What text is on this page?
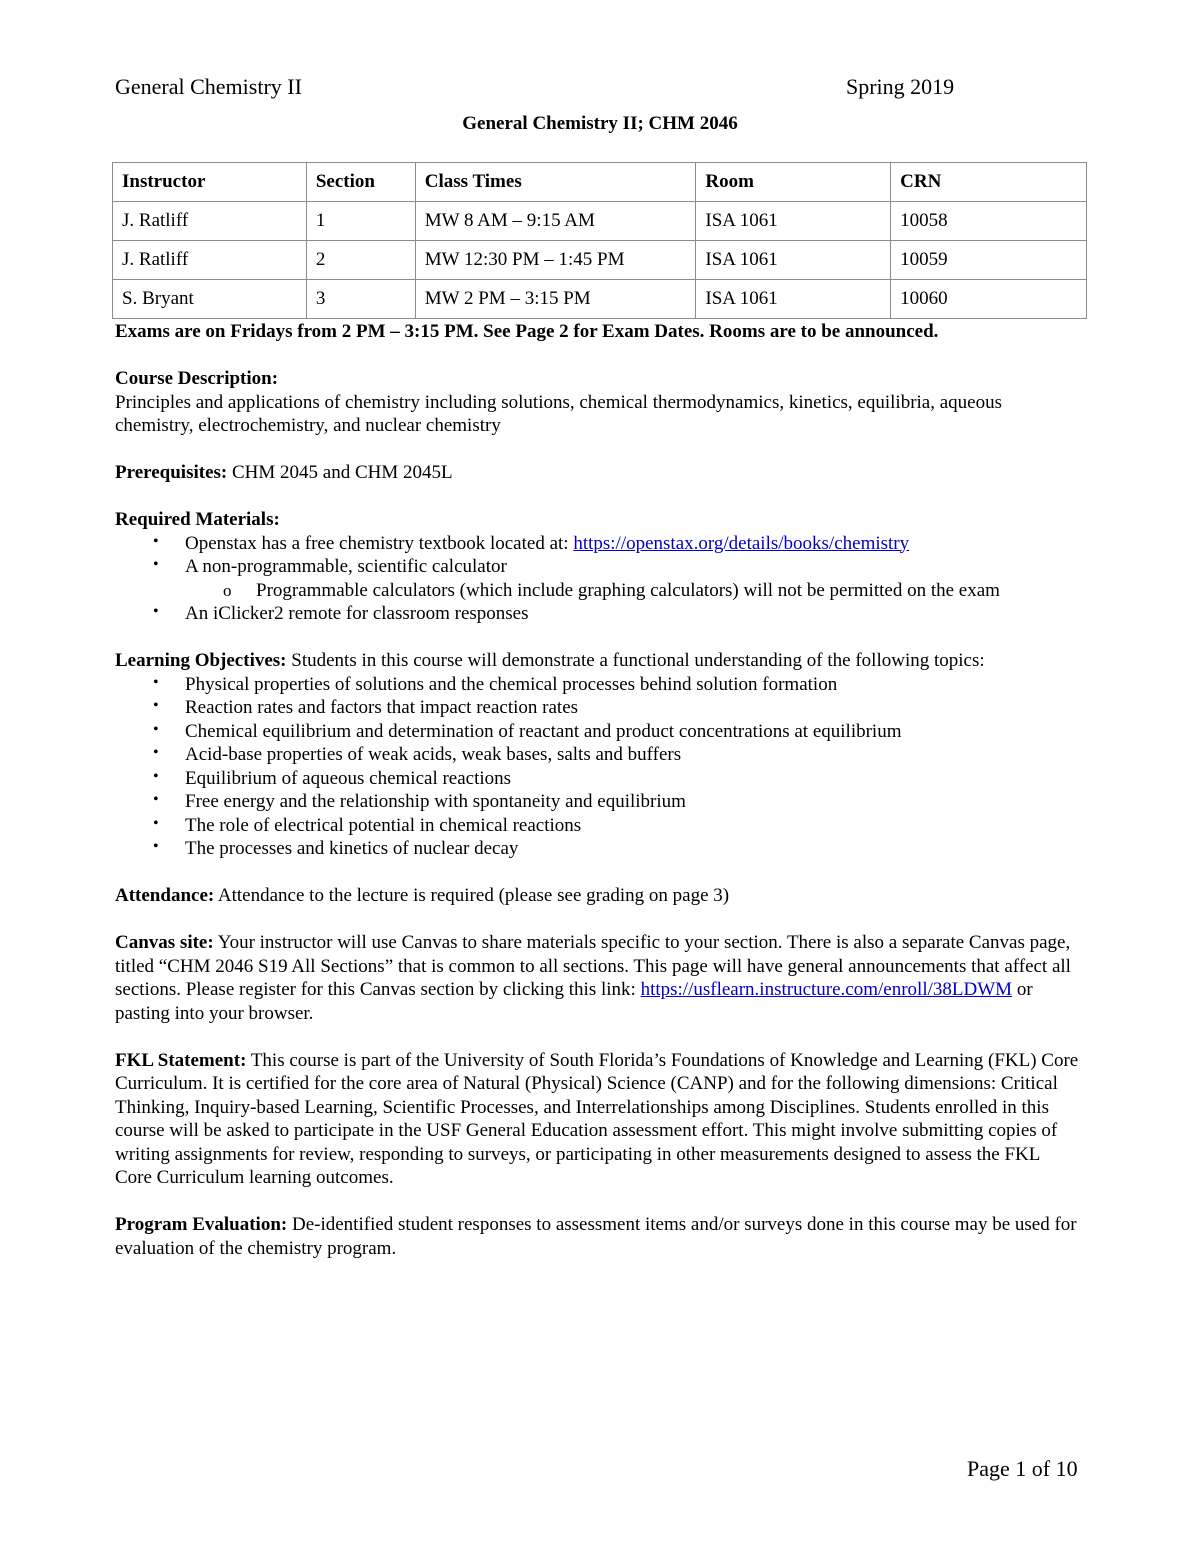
General Chemistry II	Spring 2019
General Chemistry II; CHM 2046
Instructor	Section	Class Times	Room	CRN
J. Ratliff	1	MW 8 AM – 9:15 AM	ISA 1061	10058
J. Ratliff	2	MW 12:30 PM – 1:45 PM	ISA 1061	10059
S. Bryant	3	MW 2 PM – 3:15 PM	ISA 1061	10060

Exams are on Fridays from 2 PM – 3:15 PM. See Page 2 for Exam Dates. Rooms are to be announced.

Course Description:

Principles and applications of chemistry including solutions, chemical thermodynamics, kinetics, equilibria, aqueous chemistry, electrochemistry, and nuclear chemistry

Prerequisites: CHM 2045 and CHM 2045L

Required Materials:

• Openstax has a free chemistry textbook located at: https://openstax.org/details/books/chemistry
• A non-programmable, scientific calculator
o Programmable calculators (which include graphing calculators) will not be permitted on the exam
• An iClicker2 remote for classroom responses

Learning Objectives: Students in this course will demonstrate a functional understanding of the following topics:

• Physical properties of solutions and the chemical processes behind solution formation
• Reaction rates and factors that impact reaction rates
• Chemical equilibrium and determination of reactant and product concentrations at equilibrium
• Acid-base properties of weak acids, weak bases, salts and buffers
• Equilibrium of aqueous chemical reactions
• Free energy and the relationship with spontaneity and equilibrium
• The role of electrical potential in chemical reactions
• The processes and kinetics of nuclear decay

Attendance: Attendance to the lecture is required (please see grading on page 3)

Canvas site: Your instructor will use Canvas to share materials specific to your section. There is also a separate Canvas page, titled “CHM 2046 S19 All Sections” that is common to all sections. This page will have general announcements that affect all sections. Please register for this Canvas section by clicking this link: https://usflearn.instructure.com/enroll/38LDWM or pasting into your browser.

FKL Statement: This course is part of the University of South Florida’s Foundations of Knowledge and Learning (FKL) Core Curriculum. It is certified for the core area of Natural (Physical) Science (CANP) and for the following dimensions: Critical Thinking, Inquiry-based Learning, Scientific Processes, and Interrelationships among Disciplines. Students enrolled in this course will be asked to participate in the USF General Education assessment effort. This might involve submitting copies of writing assignments for review, responding to surveys, or participating in other measurements designed to assess the FKL Core Curriculum learning outcomes.

Program Evaluation: De-identified student responses to assessment items and/or surveys done in this course may be used for evaluation of the chemistry program.

Page 1 of 10
